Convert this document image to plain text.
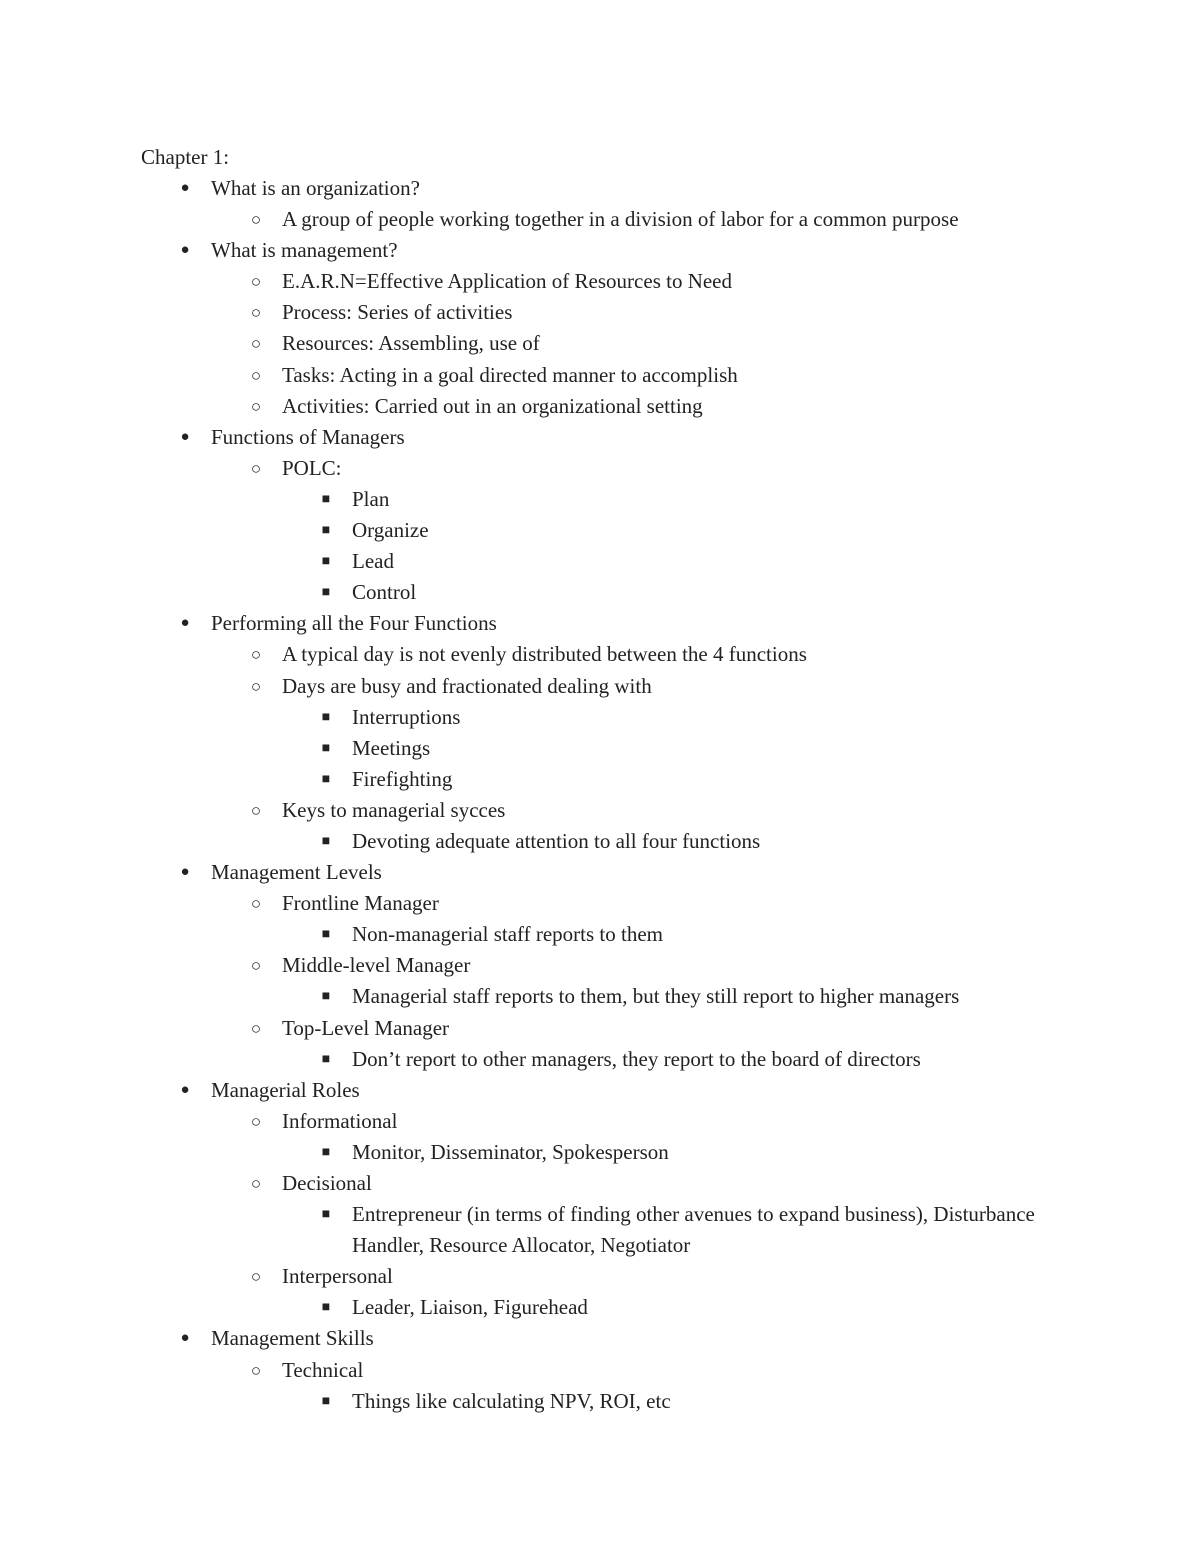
Chapter 1:
● What is an organization?
○ A group of people working together in a division of labor for a common purpose
● What is management?
○ E.A.R.N=Effective Application of Resources to Need
○ Process: Series of activities
○ Resources: Assembling, use of
○ Tasks: Acting in a goal directed manner to accomplish
○ Activities: Carried out in an organizational setting
● Functions of Managers
○ POLC:
■ Plan
■ Organize
■ Lead
■ Control
● Performing all the Four Functions
○ A typical day is not evenly distributed between the 4 functions
○ Days are busy and fractionated dealing with
■ Interruptions
■ Meetings
■ Firefighting
○ Keys to managerial sycces
■ Devoting adequate attention to all four functions
● Management Levels
○ Frontline Manager
■ Non-managerial staff reports to them
○ Middle-level Manager
■ Managerial staff reports to them, but they still report to higher managers
○ Top-Level Manager
■ Don’t report to other managers, they report to the board of directors
● Managerial Roles
○ Informational
■ Monitor, Disseminator, Spokesperson
○ Decisional
■ Entrepreneur (in terms of finding other avenues to expand business), Disturbance Handler, Resource Allocator, Negotiator
○ Interpersonal
■ Leader, Liaison, Figurehead
● Management Skills
○ Technical
■ Things like calculating NPV, ROI, etc
